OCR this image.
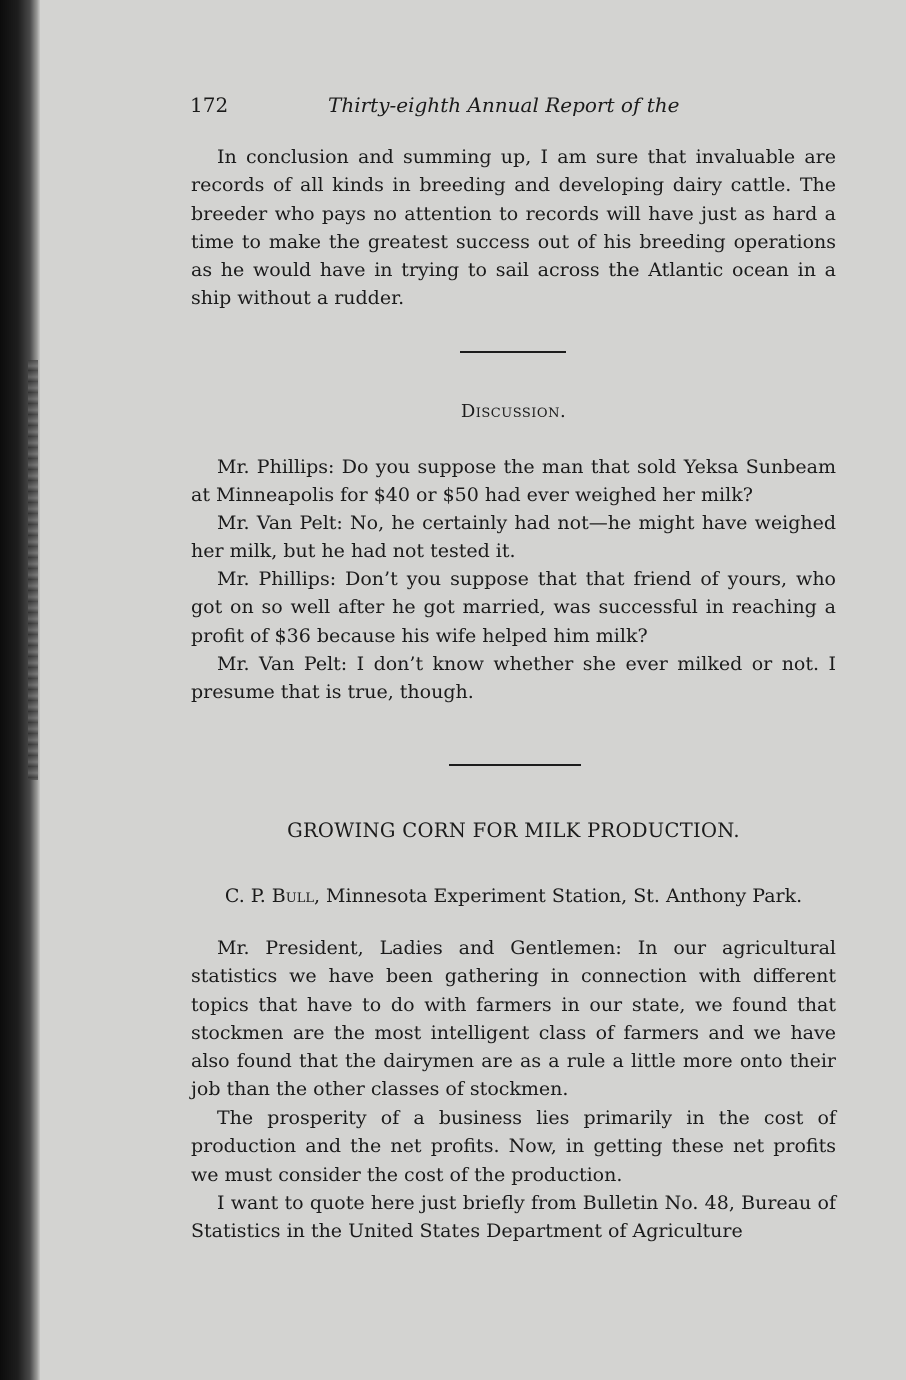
172	Thirty-eighth Annual Report of the

In conclusion and summing up, I am sure that invaluable are records of all kinds in breeding and developing dairy cattle. The breeder who pays no attention to records will have just as hard a time to make the greatest success out of his breeding operations as he would have in trying to sail across the Atlantic ocean in a ship without a rudder.

Discussion.

Mr. Phillips: Do you suppose the man that sold Yeksa Sunbeam at Minneapolis for $40 or $50 had ever weighed her milk?

Mr. Van Pelt: No, he certainly had not—he might have weighed her milk, but he had not tested it.

Mr. Phillips: Don’t you suppose that that friend of yours, who got on so well after he got married, was successful in reaching a profit of $36 because his wife helped him milk?

Mr. Van Pelt: I don’t know whether she ever milked or not. I presume that is true, though.

GROWING CORN FOR MILK PRODUCTION.
C. P. Bull, Minnesota Experiment Station, St. Anthony Park.

Mr. President, Ladies and Gentlemen: In our agricultural statistics we have been gathering in connection with different topics that have to do with farmers in our state, we found that stockmen are the most intelligent class of farmers and we have also found that the dairymen are as a rule a little more onto their job than the other classes of stockmen.

The prosperity of a business lies primarily in the cost of production and the net profits. Now, in getting these net profits we must consider the cost of the production.

I want to quote here just briefly from Bulletin No. 48, Bureau of Statistics in the United States Department of Agriculture
